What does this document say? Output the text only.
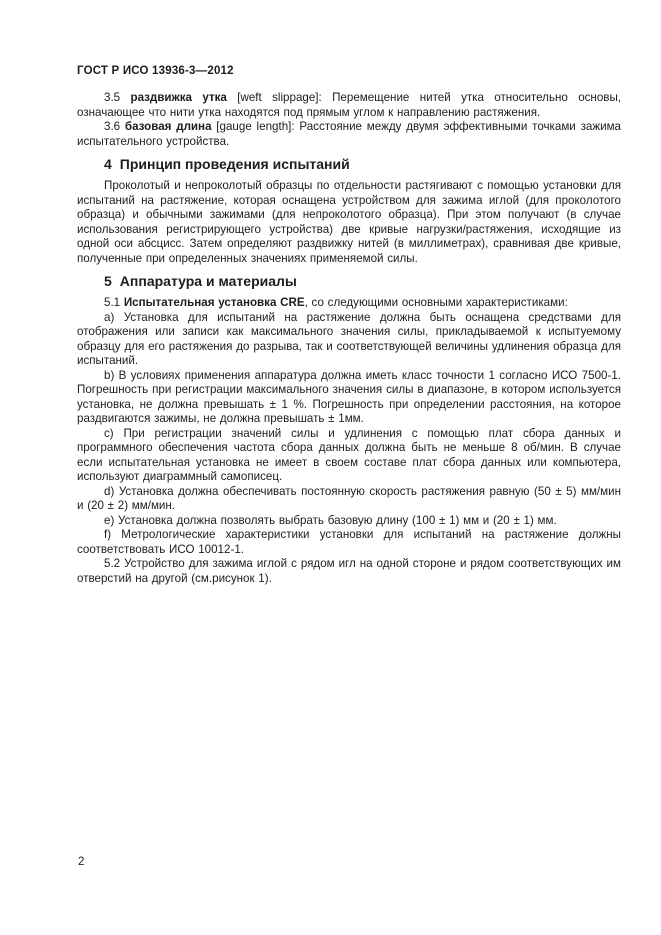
ГОСТ Р ИСО 13936-3—2012

3.5 раздвижка утка [weft slippage]: Перемещение нитей утка относительно основы, означающее что нити утка находятся под прямым углом к направлению растяжения.

3.6 базовая длина [gauge length]: Расстояние между двумя эффективными точками зажима испытательного устройства.

4 Принцип проведения испытаний

Проколотый и непроколотый образцы по отдельности растягивают с помощью установки для испытаний на растяжение, которая оснащена устройством для зажима иглой (для проколотого образца) и обычными зажимами (для непроколотого образца). При этом получают (в случае использования регистрирующего устройства) две кривые нагрузки/растяжения, исходящие из одной оси абсцисс. Затем определяют раздвижку нитей (в миллиметрах), сравнивая две кривые, полученные при определенных значениях применяемой силы.

5 Аппаратура и материалы

5.1 Испытательная установка CRE, со следующими основными характеристиками:

a) Установка для испытаний на растяжение должна быть оснащена средствами для отображения или записи как максимального значения силы, прикладываемой к испытуемому образцу для его растяжения до разрыва, так и соответствующей величины удлинения образца для испытаний.

b) В условиях применения аппаратура должна иметь класс точности 1 согласно ИСО 7500-1. Погрешность при регистрации максимального значения силы в диапазоне, в котором используется установка, не должна превышать ± 1 %. Погрешность при определении расстояния, на которое раздвигаются зажимы, не должна превышать ± 1мм.

c) При регистрации значений силы и удлинения с помощью плат сбора данных и программного обеспечения частота сбора данных должна быть не меньше 8 об/мин. В случае если испытательная установка не имеет в своем составе плат сбора данных или компьютера, используют диаграммный самописец.

d) Установка должна обеспечивать постоянную скорость растяжения равную (50 ± 5) мм/мин и (20 ± 2) мм/мин.

e) Установка должна позволять выбрать базовую длину (100 ± 1) мм и (20 ± 1) мм.

f) Метрологические характеристики установки для испытаний на растяжение должны соответствовать ИСО 10012-1.

5.2 Устройство для зажима иглой с рядом игл на одной стороне и рядом соответствующих им отверстий на другой (см.рисунок 1).

2
